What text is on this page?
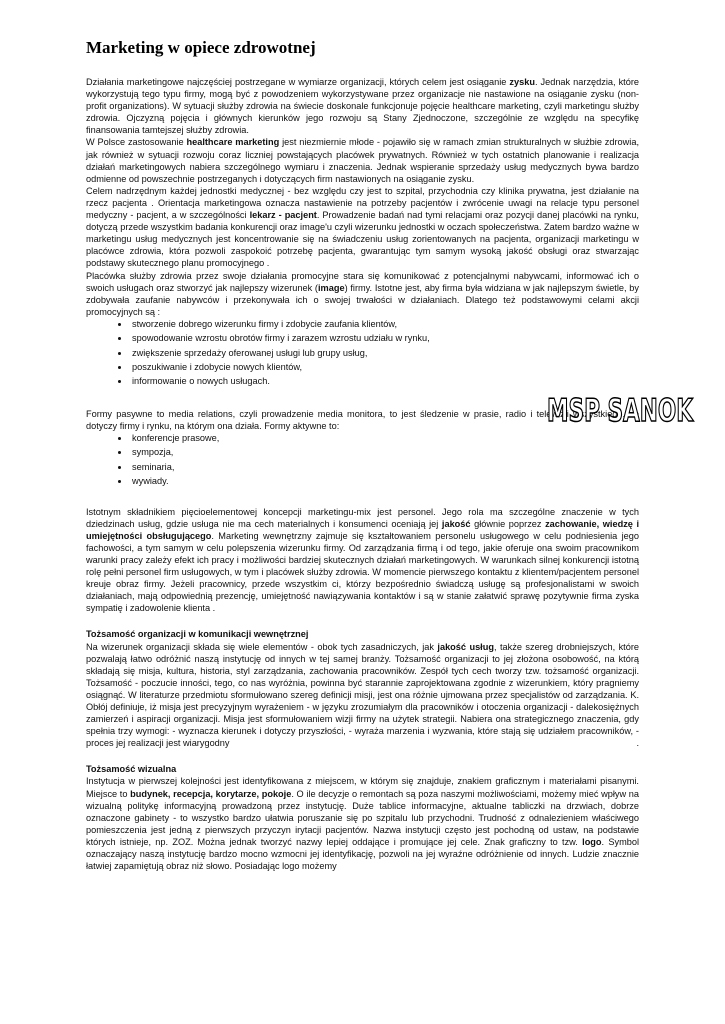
Marketing w opiece zdrowotnej

Działania marketingowe najczęściej postrzegane w wymiarze organizacji, których celem jest osiąganie zysku. Jednak narzędzia, które wykorzystują tego typu firmy, mogą być z powodzeniem wykorzystywane przez organizacje nie nastawione na osiąganie zysku (non-profit organizations). W sytuacji służby zdrowia na świecie doskonale funkcjonuje pojęcie healthcare marketing, czyli marketingu służby zdrowia. Ojczyzną pojęcia i głównych kierunków jego rozwoju są Stany Zjednoczone, szczególnie ze względu na specyfikę finansowania tamtejszej służby zdrowia.

W Polsce zastosowanie healthcare marketing jest niezmiernie młode - pojawiło się w ramach zmian strukturalnych w służbie zdrowia, jak również w sytuacji rozwoju coraz liczniej powstających placówek prywatnych. Również w tych ostatnich planowanie i realizacja działań marketingowych nabiera szczególnego wymiaru i znaczenia. Jednak wspieranie sprzedaży usług medycznych bywa bardzo odmienne od powszechnie postrzeganych i dotyczących firm nastawionych na osiąganie zysku.

Celem nadrzędnym każdej jednostki medycznej - bez względu czy jest to szpital, przychodnia czy klinika prywatna, jest działanie na rzecz pacjenta . Orientacja marketingowa oznacza nastawienie na potrzeby pacjentów i zwrócenie uwagi na relacje typu personel medyczny - pacjent, a w szczególności lekarz - pacjent. Prowadzenie badań nad tymi relacjami oraz pozycji danej placówki na rynku, dotyczą przede wszystkim badania konkurencji oraz image'u czyli wizerunku jednostki w oczach społeczeństwa. Zatem bardzo ważne w marketingu usług medycznych jest koncentrowanie się na świadczeniu usług zorientowanych na pacjenta, organizacji marketingu w placówce zdrowia, która pozwoli zaspokoić potrzebę pacjenta, gwarantując tym samym wysoką jakość obsługi oraz stwarzając podstawy skutecznego planu promocyjnego .

Placówka służby zdrowia przez swoje działania promocyjne stara się komunikować z potencjalnymi nabywcami, informować ich o swoich usługach oraz stworzyć jak najlepszy wizerunek (image) firmy. Istotne jest, aby firma była widziana w jak najlepszym świetle, by zdobywała zaufanie nabywców i przekonywała ich o swojej trwałości w działaniach. Dlatego też podstawowymi celami akcji promocyjnych są :

• stworzenie dobrego wizerunku firmy i zdobycie zaufania klientów,
• spowodowanie wzrostu obrotów firmy i zarazem wzrostu udziału w rynku,
• zwiększenie sprzedaży oferowanej usługi lub grupy usług,
• poszukiwanie i zdobycie nowych klientów,
• informowanie o nowych usługach.

Formy pasywne to media relations, czyli prowadzenie media monitora, to jest śledzenie w prasie, radio i telewizji wszystkiego, co dotyczy firmy i rynku, na którym ona działa. Formy aktywne to:

• konferencje prasowe,
• sympozja,
• seminaria,
• wywiady.

Istotnym składnikiem pięcioelementowej koncepcji marketingu-mix jest personel. Jego rola ma szczególne znaczenie w tych dziedzinach usług, gdzie usługa nie ma cech materialnych i konsumenci oceniają jej jakość głównie poprzez zachowanie, wiedzę i umiejętności obsługującego. Marketing wewnętrzny zajmuje się kształtowaniem personelu usługowego w celu podniesienia jego fachowości, a tym samym w celu polepszenia wizerunku firmy. Od zarządzania firmą i od tego, jakie oferuje ona swoim pracownikom warunki pracy zależy efekt ich pracy i możliwości bardziej skutecznych działań marketingowych. W warunkach silnej konkurencji istotną rolę pełni personel firm usługowych, w tym i placówek służby zdrowia. W momencie pierwszego kontaktu z klientem/pacjentem personel kreuje obraz firmy. Jeżeli pracownicy, przede wszystkim ci, którzy bezpośrednio świadczą usługę są profesjonalistami w swoich działaniach, mają odpowiednią prezencję, umiejętność nawiązywania kontaktów i są w stanie załatwić sprawę pozytywnie firma zyska sympatię i zadowolenie klienta .

Tożsamość organizacji w komunikacji wewnętrznej

Na wizerunek organizacji składa się wiele elementów - obok tych zasadniczych, jak jakość usług, także szereg drobniejszych, które pozwalają łatwo odróżnić naszą instytucję od innych w tej samej branży. Tożsamość organizacji to jej złożona osobowość, na którą składają się misja, kultura, historia, styl zarządzania, zachowania pracowników. Zespół tych cech tworzy tzw. tożsamość organizacji. Tożsamość - poczucie inności, tego, co nas wyróżnia, powinna być starannie zaprojektowana zgodnie z wizerunkiem, który pragniemy osiągnąć. W literaturze przedmiotu sformułowano szereg definicji misji, jest ona różnie ujmowana przez specjalistów od zarządzania. K. Obłój definiuje, iż misja jest precyzyjnym wyrażeniem - w języku zrozumiałym dla pracowników i otoczenia organizacji - dalekosiężnych zamierzeń i aspiracji organizacji. Misja jest sformułowaniem wizji firmy na użytek strategii. Nabiera ona strategicznego znaczenia, gdy spełnia trzy wymogi: - wyznacza kierunek i dotyczy przyszłości, - wyraża marzenia i wyzwania, które stają się udziałem pracowników, - proces jej realizacji jest wiarygodny	.

Tożsamość wizualna

Instytucja w pierwszej kolejności jest identyfikowana z miejscem, w którym się znajduje, znakiem graficznym i materiałami pisanymi. Miejsce to budynek, recepcja, korytarze, pokoje. O ile decyzje o remontach są poza naszymi możliwościami, możemy mieć wpływ na wizualną politykę informacyjną prowadzoną przez instytucję. Duże tablice informacyjne, aktualne tabliczki na drzwiach, dobrze oznaczone gabinety - to wszystko bardzo ułatwia poruszanie się po szpitalu lub przychodni. Trudność z odnalezieniem właściwego pomieszczenia jest jedną z pierwszych przyczyn irytacji pacjentów. Nazwa instytucji często jest pochodną od ustaw, na podstawie których istnieje, np. ZOZ. Można jednak tworzyć nazwy lepiej oddające i promujące jej cele. Znak graficzny to tzw. logo. Symbol oznaczający naszą instytucję bardzo mocno wzmocni jej identyfikację, pozwoli na jej wyraźne odróżnienie od innych. Ludzie znacznie łatwiej zapamiętują obraz niż słowo. Posiadając logo możemy

MSP SANOK
